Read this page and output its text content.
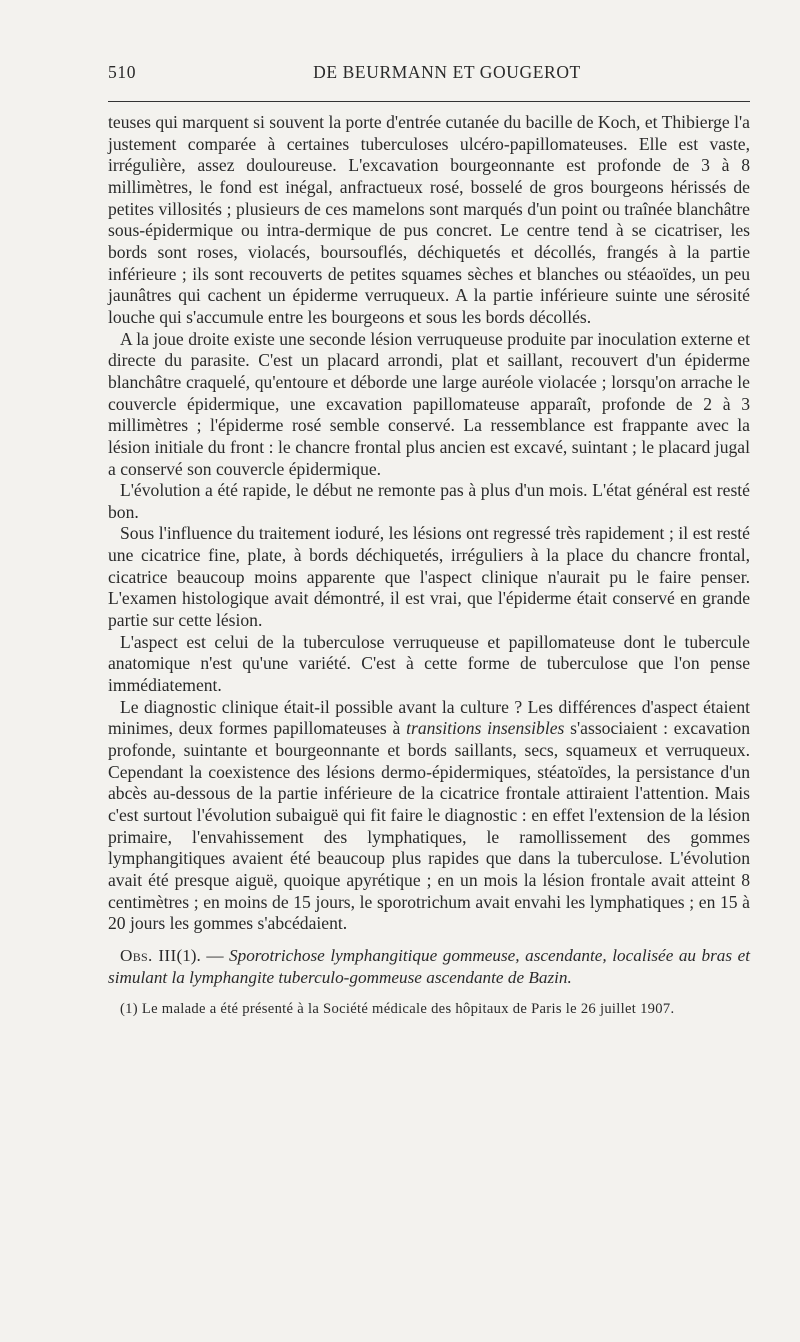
510	DE BEURMANN ET GOUGEROT

teuses qui marquent si souvent la porte d'entrée cutanée du bacille de Koch, et Thibierge l'a justement comparée à certaines tuberculoses ulcéro-papillomateuses. Elle est vaste, irrégulière, assez douloureuse. L'excavation bourgeonnante est profonde de 3 à 8 millimètres, le fond est inégal, anfractueux rosé, bosselé de gros bourgeons hérissés de petites villosités ; plusieurs de ces mamelons sont marqués d'un point ou traînée blanchâtre sous-épidermique ou intra-dermique de pus concret. Le centre tend à se cicatriser, les bords sont roses, violacés, boursouflés, déchiquetés et décollés, frangés à la partie inférieure ; ils sont recouverts de petites squames sèches et blanches ou stéaoïdes, un peu jaunâtres qui cachent un épiderme verruqueux. A la partie inférieure suinte une sérosité louche qui s'accumule entre les bourgeons et sous les bords décollés.

A la joue droite existe une seconde lésion verruqueuse produite par inoculation externe et directe du parasite. C'est un placard arrondi, plat et saillant, recouvert d'un épiderme blanchâtre craquelé, qu'entoure et déborde une large auréole violacée ; lorsqu'on arrache le couvercle épidermique, une excavation papillomateuse apparaît, profonde de 2 à 3 millimètres ; l'épiderme rosé semble conservé. La ressemblance est frappante avec la lésion initiale du front : le chancre frontal plus ancien est excavé, suintant ; le placard jugal a conservé son couvercle épidermique.

L'évolution a été rapide, le début ne remonte pas à plus d'un mois. L'état général est resté bon.

Sous l'influence du traitement ioduré, les lésions ont regressé très rapidement ; il est resté une cicatrice fine, plate, à bords déchiquetés, irréguliers à la place du chancre frontal, cicatrice beaucoup moins apparente que l'aspect clinique n'aurait pu le faire penser. L'examen histologique avait démontré, il est vrai, que l'épiderme était conservé en grande partie sur cette lésion.

L'aspect est celui de la tuberculose verruqueuse et papillomateuse dont le tubercule anatomique n'est qu'une variété. C'est à cette forme de tuberculose que l'on pense immédiatement.

Le diagnostic clinique était-il possible avant la culture ? Les différences d'aspect étaient minimes, deux formes papillomateuses à transitions insensibles s'associaient : excavation profonde, suintante et bourgeonnante et bords saillants, secs, squameux et verruqueux. Cependant la coexistence des lésions dermo-épidermiques, stéatoïdes, la persistance d'un abcès au-dessous de la partie inférieure de la cicatrice frontale attiraient l'attention. Mais c'est surtout l'évolution subaiguë qui fit faire le diagnostic : en effet l'extension de la lésion primaire, l'envahissement des lymphatiques, le ramollissement des gommes lymphangitiques avaient été beaucoup plus rapides que dans la tuberculose. L'évolution avait été presque aiguë, quoique apyrétique ; en un mois la lésion frontale avait atteint 8 centimètres ; en moins de 15 jours, le sporotrichum avait envahi les lymphatiques ; en 15 à 20 jours les gommes s'abcédaient.

Obs. III(1). — Sporotrichose lymphangitique gommeuse, ascendante, localisée au bras et simulant la lymphangite tuberculo-gommeuse ascendante de Bazin.

(1) Le malade a été présenté à la Société médicale des hôpitaux de Paris le 26 juillet 1907.
